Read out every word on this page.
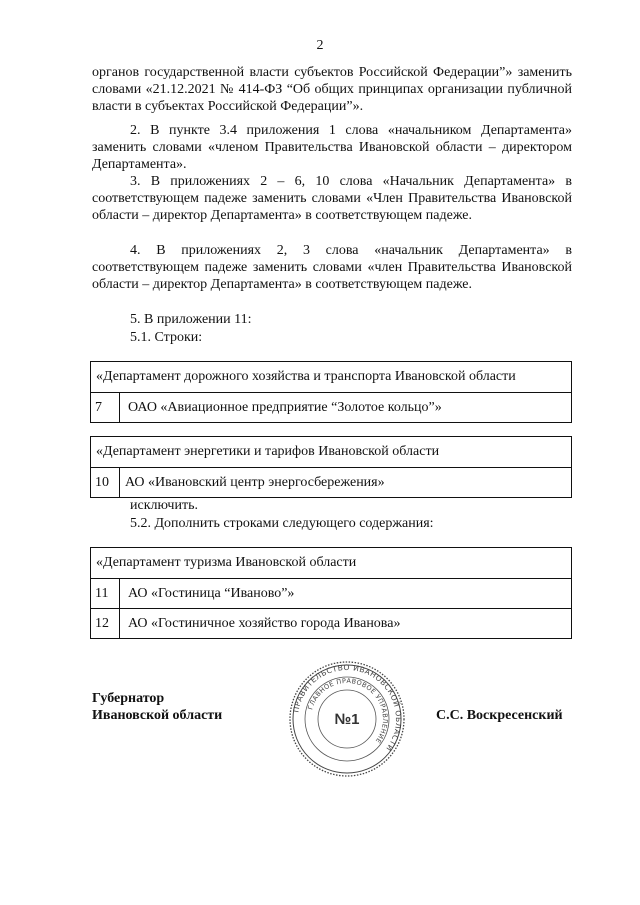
2

органов государственной власти субъектов Российской Федерации”» заменить словами «21.12.2021 № 414-ФЗ “Об общих принципах организации публичной власти в субъектах Российской Федерации”».

2. В пункте 3.4 приложения 1 слова «начальником Департамента» заменить словами «членом Правительства Ивановской области – директором Департамента».

3. В приложениях 2 – 6, 10 слова «Начальник Департамента» в соответствующем падеже заменить словами «Член Правительства Ивановской области – директор Департамента» в соответствующем падеже.

4. В приложениях 2, 3 слова «начальник Департамента» в соответствующем падеже заменить словами «член Правительства Ивановской области – директор Департамента» в соответствующем падеже.

5. В приложении 11:

5.1. Строки:

«Департамент дорожного хозяйства и транспорта Ивановской области
7	ОАО «Авиационное предприятие “Золотое кольцо”»
«Департамент энергетики и тарифов Ивановской области
10	АО «Ивановский центр энергосбережения»

исключить.

5.2. Дополнить строками следующего содержания:

«Департамент туризма Ивановской области	
11	АО «Гостиница “Иваново”»
12	АО «Гостиничное хозяйство города Иванова»
Губернатор
Ивановской области	С.С. Воскресенский
ПРАВИТЕЛЬСТВО ИВАНОВСКОЙ ОБЛАСТИ
ГЛАВНОЕ ПРАВОВОЕ УПРАВЛЕНИЕ
№1
